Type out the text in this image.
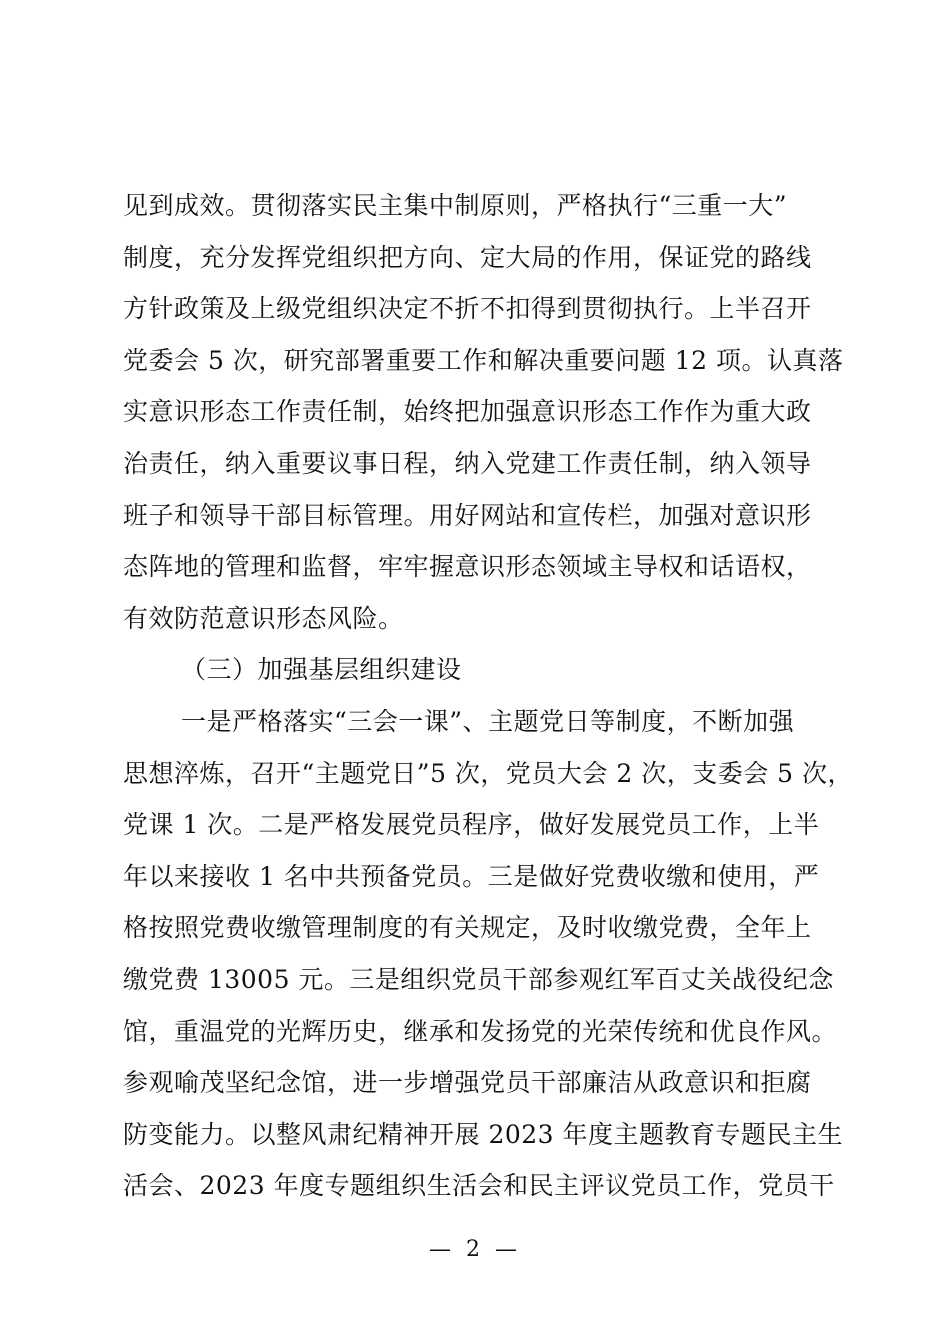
见到成效。贯彻落实民主集中制原则，严格执行“三重一大”
制度，充分发挥党组织把方向、定大局的作用，保证党的路线
方针政策及上级党组织决定不折不扣得到贯彻执行。上半召开
党委会 5 次，研究部署重要工作和解决重要问题 12 项。认真落
实意识形态工作责任制，始终把加强意识形态工作作为重大政
治责任，纳入重要议事日程，纳入党建工作责任制，纳入领导
班子和领导干部目标管理。用好网站和宣传栏，加强对意识形
态阵地的管理和监督，牢牢握意识形态领域主导权和话语权，
有效防范意识形态风险。
（三）加强基层组织建设
一是严格落实“三会一课”、主题党日等制度，不断加强
思想淬炼，召开“主题党日”5 次，党员大会 2 次，支委会 5 次，
党课 1 次。二是严格发展党员程序，做好发展党员工作，上半
年以来接收 1 名中共预备党员。三是做好党费收缴和使用，严
格按照党费收缴管理制度的有关规定，及时收缴党费，全年上
缴党费 13005 元。三是组织党员干部参观红军百丈关战役纪念
馆，重温党的光辉历史，继承和发扬党的光荣传统和优良作风。
参观喻茂坚纪念馆，进一步增强党员干部廉洁从政意识和拒腐
防变能力。以整风肃纪精神开展 2023 年度主题教育专题民主生
活会、2023 年度专题组织生活会和民主评议党员工作，党员干
— 2 —
